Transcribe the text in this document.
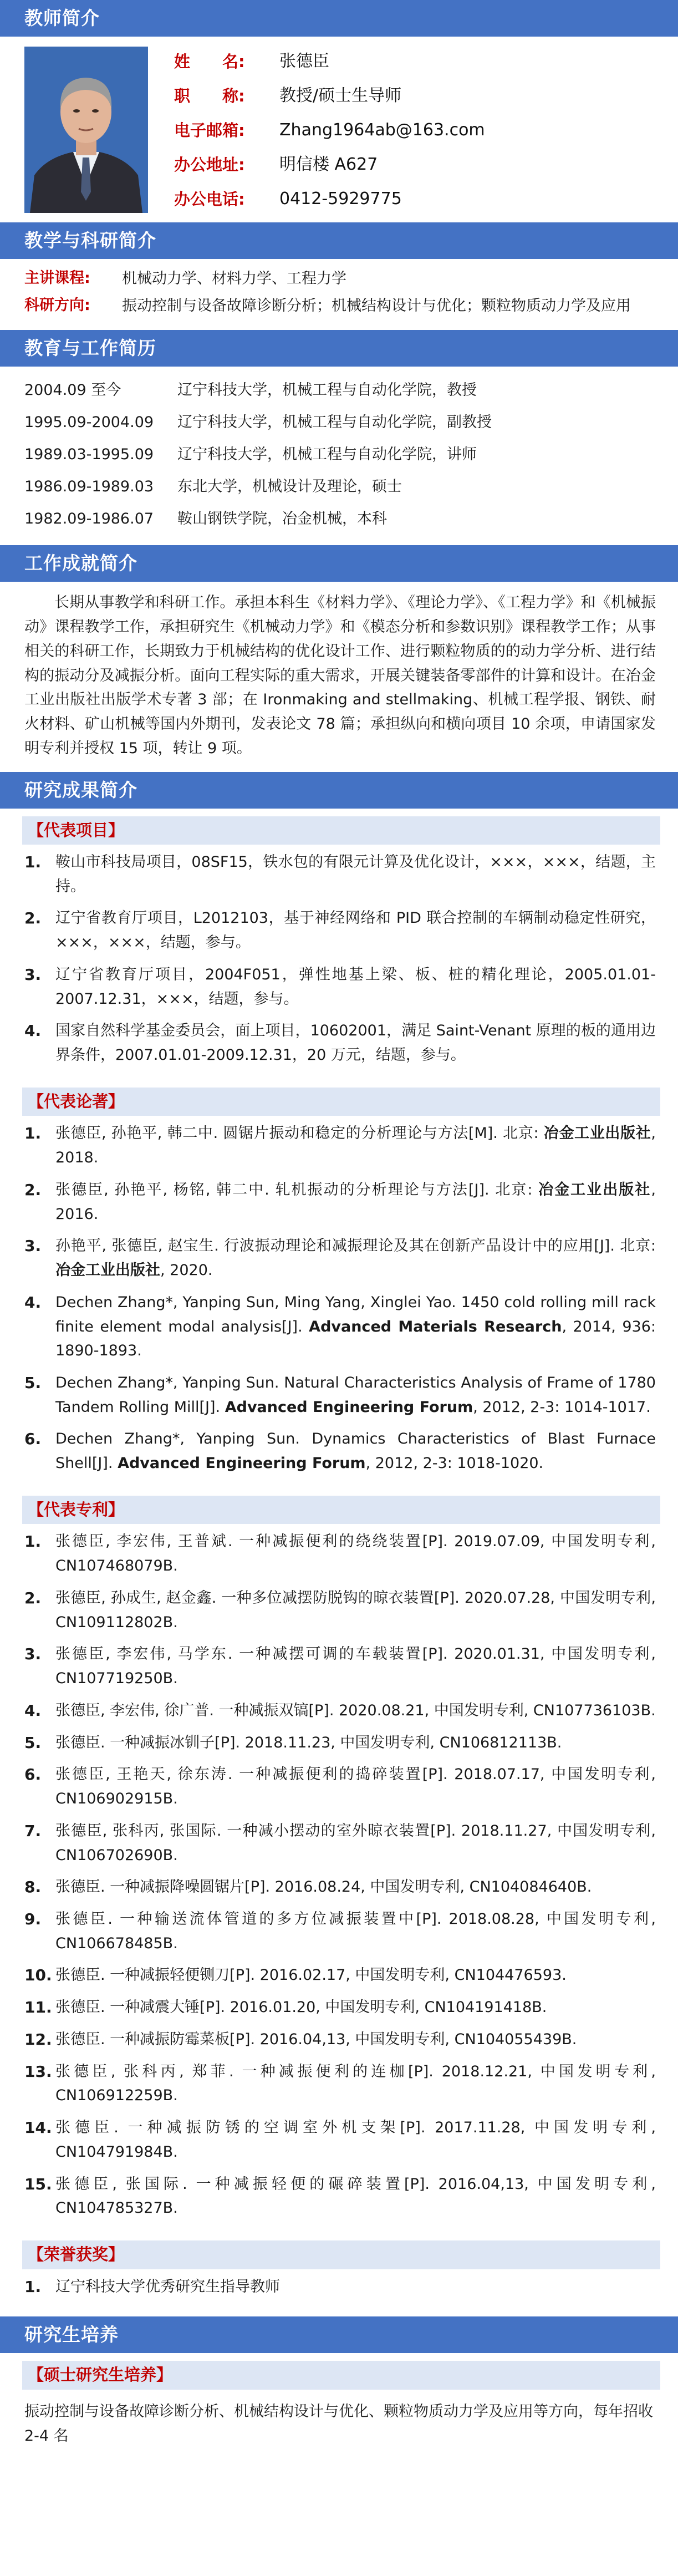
教师简介
姓　　名:	张德臣
职　　称:	教授/硕士生导师
电子邮箱:	Zhang1964ab@163.com
办公地址:	明信楼 A627
办公电话:	0412-5929775
教学与科研简介
主讲课程:	机械动力学、材料力学、工程力学
科研方向:	振动控制与设备故障诊断分析；机械结构设计与优化；颗粒物质动力学及应用
教育与工作简历
2004.09 至今	辽宁科技大学，机械工程与自动化学院，教授
1995.09-2004.09	辽宁科技大学，机械工程与自动化学院，副教授
1989.03-1995.09	辽宁科技大学，机械工程与自动化学院，讲师
1986.09-1989.03	东北大学，机械设计及理论，硕士
1982.09-1986.07	鞍山钢铁学院，冶金机械，本科
工作成就简介

长期从事教学和科研工作。承担本科生《材料力学》、《理论力学》、《工程力学》和《机械振动》课程教学工作，承担研究生《机械动力学》和《模态分析和参数识别》课程教学工作；从事相关的科研工作，长期致力于机械结构的优化设计工作、进行颗粒物质的的动力学分析、进行结构的振动分及减振分析。面向工程实际的重大需求，开展关键装备零部件的计算和设计。在冶金工业出版社出版学术专著 3 部；在 Ironmaking and stellmaking、机械工程学报、钢铁、耐火材料、矿山机械等国内外期刊，发表论文 78 篇；承担纵向和横向项目 10 余项，申请国家发 明专利并授权 15 项，转让 9 项。

研究成果简介
【代表项目】
1. 鞍山市科技局项目，08SF15，铁水包的有限元计算及优化设计，×××，×××，结题，主持。
2. 辽宁省教育厅项目，L2012103，基于神经网络和 PID 联合控制的车辆制动稳定性研究，×××，×××，结题，参与。
3. 辽宁省教育厅项目，2004F051，弹性地基上梁、板、桩的精化理论，2005.01.01-2007.12.31，×××，结题，参与。
4. 国家自然科学基金委员会，面上项目，10602001，满足 Saint-Venant 原理的板的通用边界条件，2007.01.01-2009.12.31，20 万元，结题，参与。
【代表论著】
1. 张德臣, 孙艳平, 韩二中. 圆锯片振动和稳定的分析理论与方法[M]. 北京: 冶金工业出版社, 2018.
2. 张德臣, 孙艳平, 杨铭, 韩二中. 轧机振动的分析理论与方法[J]. 北京: 冶金工业出版社, 2016.
3. 孙艳平, 张德臣, 赵宝生. 行波振动理论和减振理论及其在创新产品设计中的应用[J]. 北京: 冶金工业出版社, 2020.
4. Dechen Zhang*, Yanping Sun, Ming Yang, Xinglei Yao. 1450 cold rolling mill rack finite element modal analysis[J]. Advanced Materials Research, 2014, 936: 1890-1893.
5. Dechen Zhang*, Yanping Sun. Natural Characteristics Analysis of Frame of 1780 Tandem Rolling Mill[J]. Advanced Engineering Forum, 2012, 2-3: 1014-1017.
6. Dechen Zhang*, Yanping Sun. Dynamics Characteristics of Blast Furnace Shell[J]. Advanced Engineering Forum, 2012, 2-3: 1018-1020.
【代表专利】
1. 张德臣, 李宏伟, 王普斌. 一种减振便利的绕绕装置[P]. 2019.07.09, 中国发明专利, CN107468079B.
2. 张德臣, 孙成生, 赵金鑫. 一种多位减摆防脱钩的晾衣装置[P]. 2020.07.28, 中国发明专利, CN109112802B.
3. 张德臣, 李宏伟, 马学东. 一种减摆可调的车载装置[P]. 2020.01.31, 中国发明专利, CN107719250B.
4. 张德臣, 李宏伟, 徐广普. 一种减振双镐[P]. 2020.08.21, 中国发明专利, CN107736103B.
5. 张德臣. 一种减振冰钏子[P]. 2018.11.23, 中国发明专利, CN106812113B.
6. 张德臣, 王艳天, 徐东涛. 一种减振便利的捣碎装置[P]. 2018.07.17, 中国发明专利, CN106902915B.
7. 张德臣, 张科丙, 张国际. 一种减小摆动的室外晾衣装置[P]. 2018.11.27, 中国发明专利, CN106702690B.
8. 张德臣. 一种减振降噪圆锯片[P]. 2016.08.24, 中国发明专利, CN104084640B.
9. 张德臣. 一种输送流体管道的多方位减振装置中[P]. 2018.08.28, 中国发明专利, CN106678485B.
10. 张德臣. 一种减振轻便铡刀[P]. 2016.02.17, 中国发明专利, CN104476593.
11. 张德臣. 一种减震大锤[P]. 2016.01.20, 中国发明专利, CN104191418B.
12. 张德臣. 一种减振防霉菜板[P]. 2016.04,13, 中国发明专利, CN104055439B.
13. 张德臣, 张科丙, 郑菲. 一种减振便利的连枷[P]. 2018.12.21, 中国发明专利, CN106912259B.
14. 张德臣. 一种减振防锈的空调室外机支架[P]. 2017.11.28, 中国发明专利, CN104791984B.
15. 张德臣, 张国际. 一种减振轻便的碾碎装置[P]. 2016.04,13, 中国发明专利, CN104785327B.
【荣誉获奖】
1. 辽宁科技大学优秀研究生指导教师
研究生培养
【硕士研究生培养】
振动控制与设备故障诊断分析、机械结构设计与优化、颗粒物质动力学及应用等方向，每年招收 2-4 名
